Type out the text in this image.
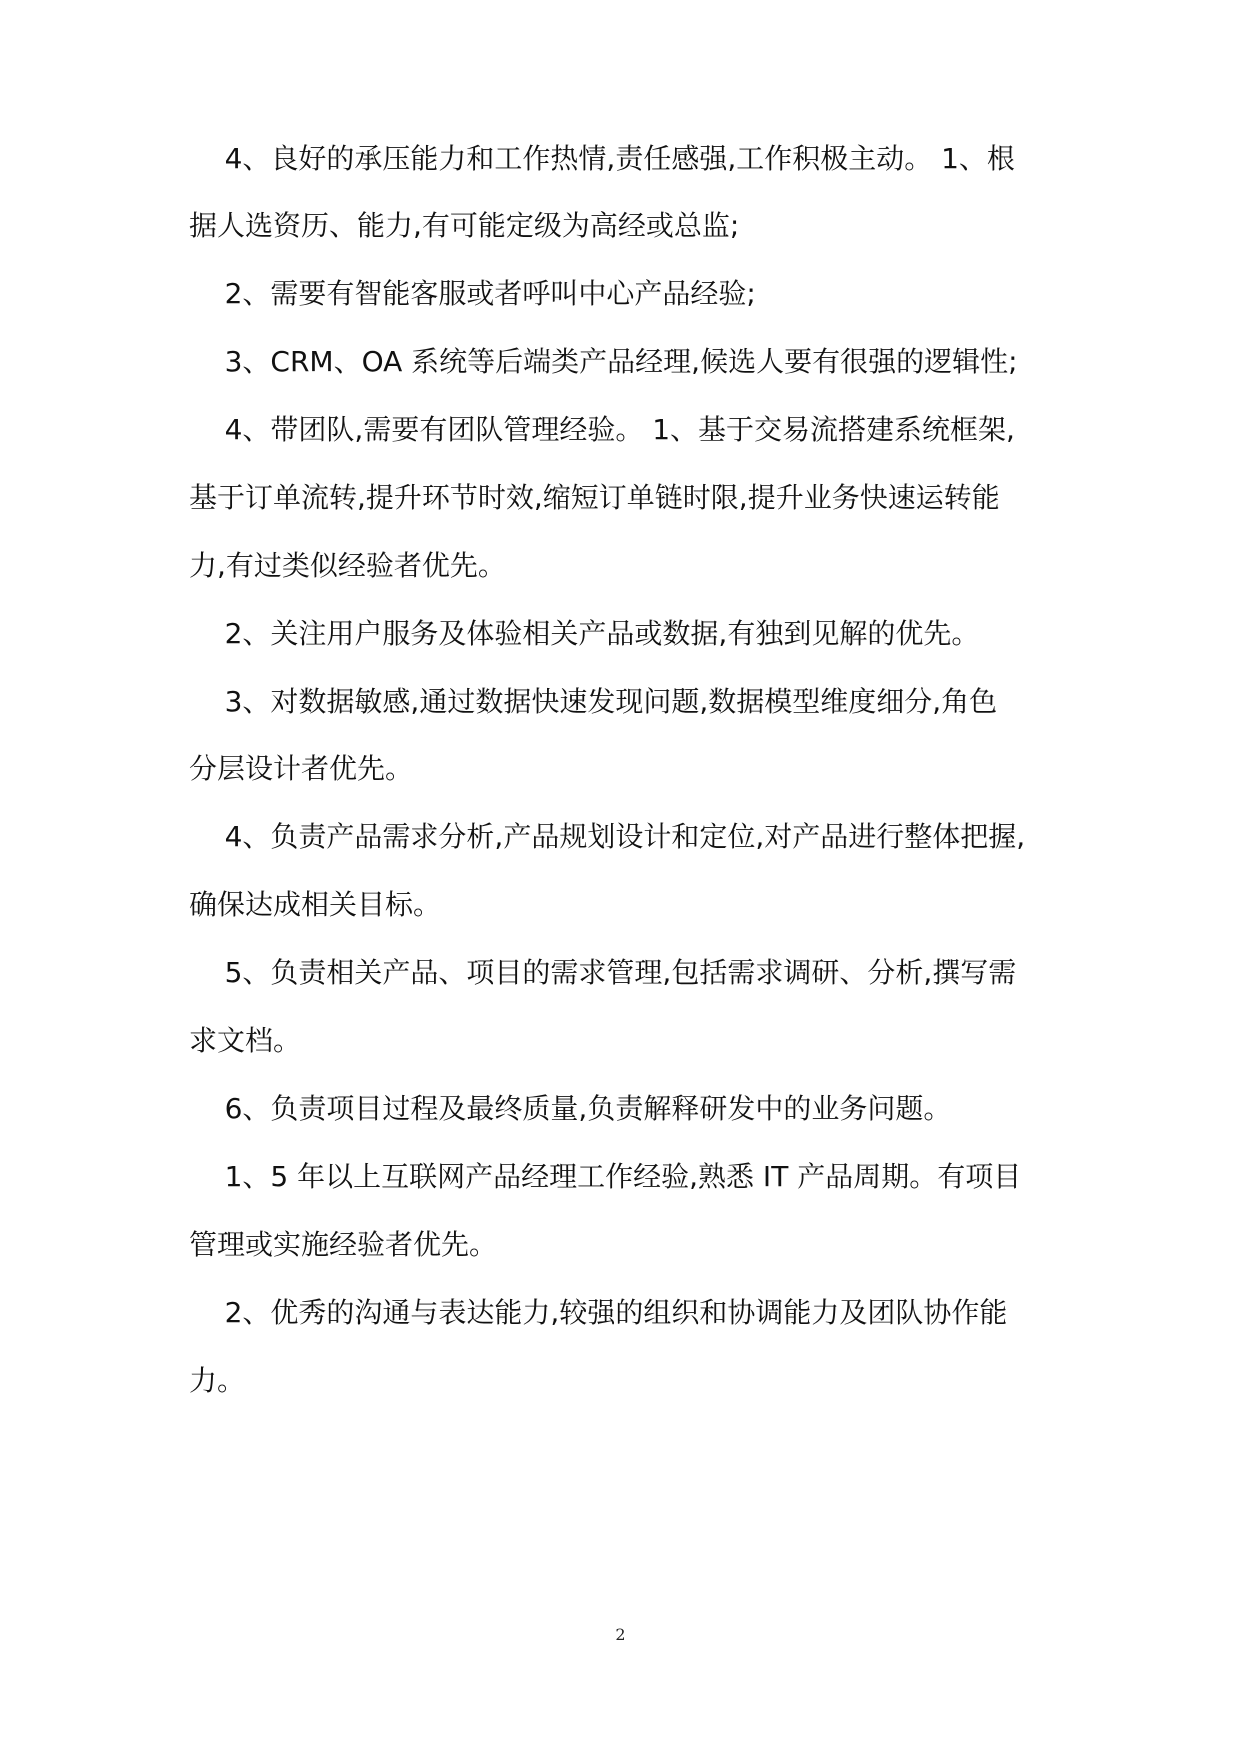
4、良好的承压能力和工作热情,责任感强,工作积极主动。 1、根

据人选资历、能力,有可能定级为高经或总监;

2、需要有智能客服或者呼叫中心产品经验;

3、CRM、OA 系统等后端类产品经理,候选人要有很强的逻辑性;

4、带团队,需要有团队管理经验。 1、基于交易流搭建系统框架,

基于订单流转,提升环节时效,缩短订单链时限,提升业务快速运转能

力,有过类似经验者优先。

2、关注用户服务及体验相关产品或数据,有独到见解的优先。

3、对数据敏感,通过数据快速发现问题,数据模型维度细分,角色

分层设计者优先。

4、负责产品需求分析,产品规划设计和定位,对产品进行整体把握,

确保达成相关目标。

5、负责相关产品、项目的需求管理,包括需求调研、分析,撰写需

求文档。

6、负责项目过程及最终质量,负责解释研发中的业务问题。

1、5 年以上互联网产品经理工作经验,熟悉 IT 产品周期。有项目

管理或实施经验者优先。

2、优秀的沟通与表达能力,较强的组织和协调能力及团队协作能

力。

2
